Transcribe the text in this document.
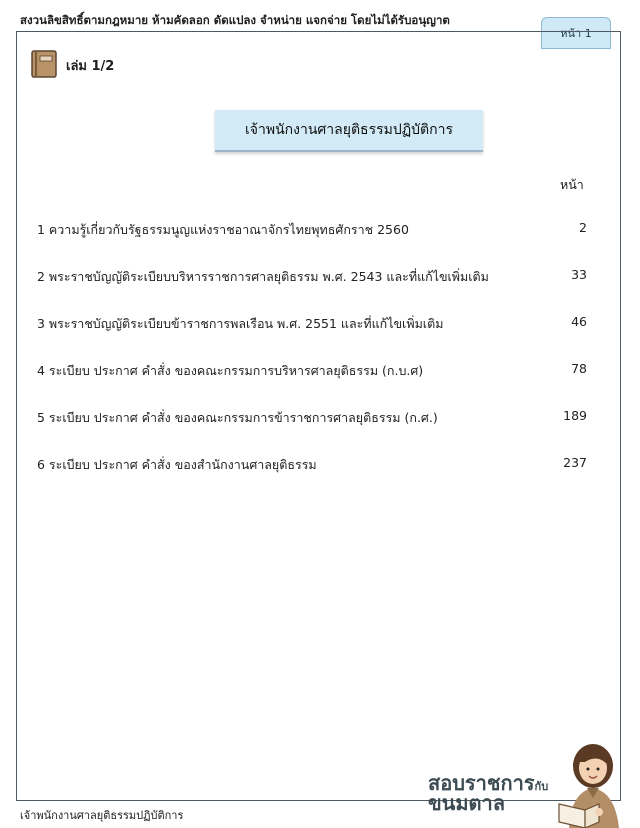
สงวนลิขสิทธิ์ตามกฎหมาย ห้ามคัดลอก ดัดแปลง จำหน่าย แจกจ่าย โดยไม่ได้รับอนุญาต
หน้า 1
เล่ม 1/2
เจ้าพนักงานศาลยุติธรรมปฏิบัติการ
หน้า
1 ความรู้เกี่ยวกับรัฐธรรมนูญแห่งราชอาณาจักรไทยพุทธศักราช 2560	2
2 พระราชบัญญัติระเบียบบริหารราชการศาลยุติธรรม พ.ศ. 2543 และที่แก้ไขเพิ่มเติม	33
3 พระราชบัญญัติระเบียบข้าราชการพลเรือน พ.ศ. 2551 และที่แก้ไขเพิ่มเติม	46
4 ระเบียบ ประกาศ คำสั่ง ของคณะกรรมการบริหารศาลยุติธรรม (ก.บ.ศ)	78
5 ระเบียบ ประกาศ คำสั่ง ของคณะกรรมการข้าราชการศาลยุติธรรม (ก.ศ.)	189
6 ระเบียบ ประกาศ คำสั่ง ของสำนักงานศาลยุติธรรม	237
เจ้าพนักงานศาลยุติธรรมปฏิบัติการ
สอบราชการกับ
ขนมตาล
